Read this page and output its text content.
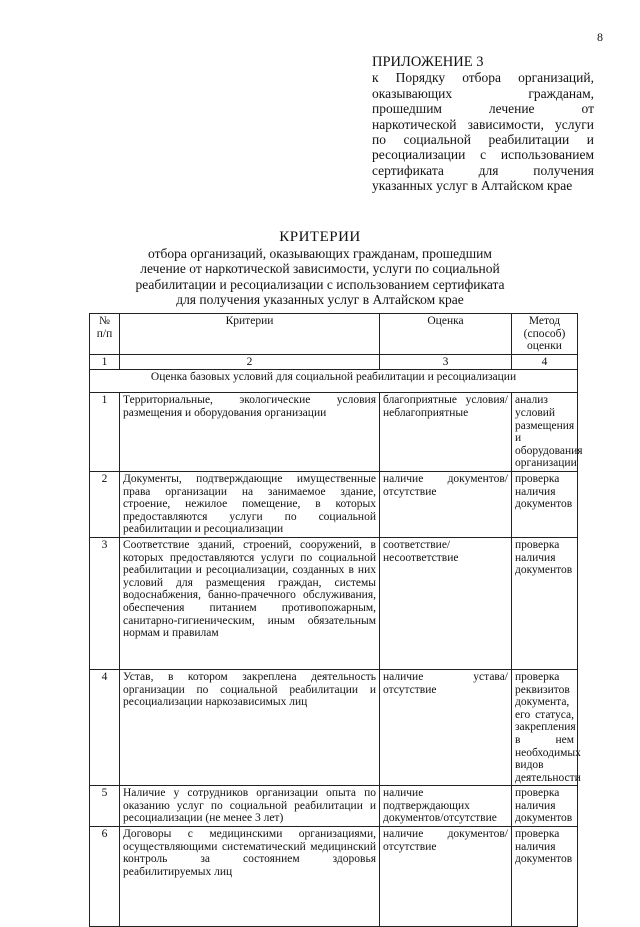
8
ПРИЛОЖЕНИЕ 3
к Порядку отбора организаций, оказывающих гражданам, прошедшим лечение от наркотической зависимости, услуги по социальной реабилитации и ресоциализации с использованием сертификата для получения указанных услуг в Алтайском крае
КРИТЕРИИ
отбора организаций, оказывающих гражданам, прошедшим
лечение от наркотической зависимости, услуги по социальной
реабилитации и ресоциализации с использованием сертификата
для получения указанных услуг в Алтайском крае
№ п/п	Критерии	Оценка	Метод (способ) оценки
1	2	3	4
Оценка базовых условий для социальной реабилитации и ресоциализации			
1	Территориальные, экологические условия размещения и оборудования организации	благоприятные условия/неблагоприятные	анализ условий размещения и оборудования организации
2	Документы, подтверждающие имущественные права организации на занимаемое здание, строение, нежилое помещение, в которых предоставляются услуги по социальной реабилитации и ресоциализации	наличие документов/отсутствие	проверка наличия документов
3	Соответствие зданий, строений, сооружений, в которых предоставляются услуги по социальной реабилитации и ресоциализации, созданных в них условий для размещения граждан, системы водоснабжения, банно-прачечного обслуживания, обеспечения питанием противопожарным, санитарно-гигиеническим, иным обязательным нормам и правилам	соответствие/несоответствие	проверка наличия документов
4	Устав, в котором закреплена деятельность организации по социальной реабилитации и ресоциализации наркозависимых лиц	наличие устава/отсутствие	проверка реквизитов документа, его статуса, закрепления в нем необходимых видов деятельности
5	Наличие у сотрудников организации опыта по оказанию услуг по социальной реабилитации и ресоциализации (не менее 3 лет)	наличие подтверждающих документов/отсутствие	проверка наличия документов
6	Договоры с медицинскими организациями, осуществляющими систематический медицинский контроль за состоянием здоровья реабилитируемых лиц	наличие документов/отсутствие	проверка наличия документов
